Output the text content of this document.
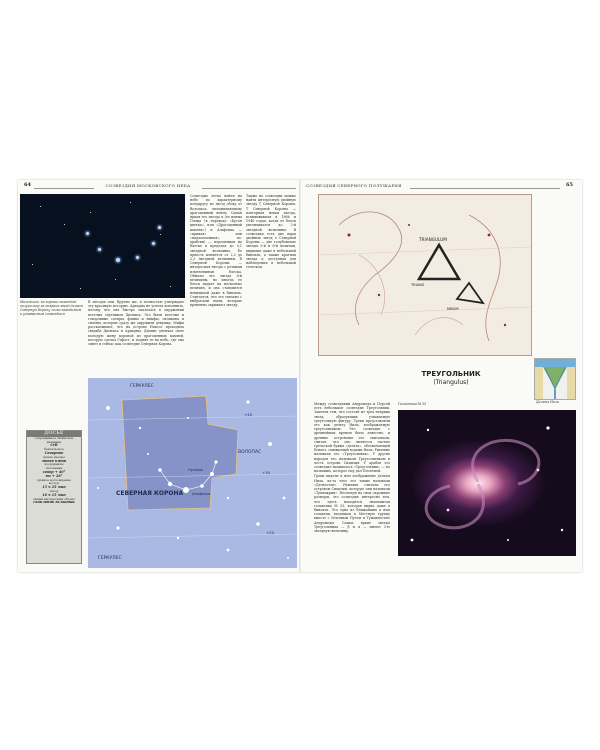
64	СОЗВЕЗДИЯ МОСКОВСКОГО НЕБА
Маленькое, но хорошо заметное полукольцо из неярких звезд делает Северную Корону легко находимым и узнаваемым созвездием

Созвездие легко найти на небе по характерному полукругу из звезд сбоку от Волопаса, напоминающему драгоценный венец. Самая яркая его звезда α (ее имена Гемма (в переводе «Бутон цветка», или «Драгоценный камень») и Альфекка — «кривая» или «надломленная», по-арабски) — переменная на блеске в пределах до 0,1 звездной величины. Ее яркость меняется от 2,2 до 2,3 звездной величины. R Северной Короны — интересная звезда с резкими изменениями блеска. Обычно это звезда 6-й величины, но иногда ее блеск падает на несколько величин, и она становится невидимой даже в бинокль. Считается, что это связано с выбросами пыли, которые временно скрывают звезду.

Также на созвездии можно найти интересную двойную звезду ζ Северной Короны. Т Северной Короны — повторная новая звезда, вспыхивавшая в 1866 и 1946 годах, когда ее блеск увеличивался до 2-й звездной величины. В созвездии есть две пары двойных звезд ν Северной Короны — две голубоватые звезды 5-й и 6-й величин, видимые даже в небольшой бинокль, а также кратная звезда σ, доступная для наблюдения в небольшой телескоп.

В звездах они. Вручно же, я полностью утверждаю эту красивую историю. Ариадна не успела вспомнить, потому что она быстро оказалась в окружении веселых спутников Диониса. Это были веселые и говорливые сатиры, фавны и нимфы, сильваны и силены, которые сразу же окружили девушку. Мифы рассказывают, что на острове Наксос проходила свадьба Диониса и Ариадны. Дионис увенчал свою молодую жену короной из драгоценных камней, которую сделал Гефест, и поднял ее на небо, где она сияет и сейчас как созвездие Северная Корона.

ГЕРКУЛЕС
ВОЛОПАС
СЕВЕРНАЯ КОРОНА
Нусакан
Альфекка
ГЕРКУЛЕС
+40
+30
+20
ДОСЬЕ
сокращенное латинское название
CrB
бенгальское
Северное
яркие звезды
менее пяти
координаты
склонение
север + 40°
юг + 26°
прямое восхождение
восход
15 ч 25 мин
заход
16 ч 15 мин
самый интересный объект
скопление галактик
СОЗВЕЗДИЯ СЕВЕРНОГО ПОЛУШАРИЯ	65
TRIANGULUM
MINOR
TRIANG
ТРЕУГОЛЬНИК
(Triangulus)
Дельта Нила

Между созвездиями Андромеда и Персей есть небольшое созвездие Треугольник. Заметен тем, что состоит из трех неярких звезд, образующих узнаваемую треугольную фигуру. Греки представляли его как дельту Нила, изображаемую треугольником. Это созвездие с древнейших времен было известно, и древние астрономы его описывали, считая, что оно является частью греческой буквы «дельта», обозначающей Египет, омываемый водами Нила. Римляне называли его «Треугольник». У других народов его называли Треугольником в честь острова Сицилия. У арабов это созвездие называлось «Треугольник» — по названию, которое ему дал Птолемей.

Греки видели в нем изображение дельты Нила, из-за чего его также называли «Дельтотон». Римляне считали его островом Сицилия, которую они называли «Тринакрия». Несмотря на свои скромные размеры, это созвездие интересно тем, что здесь находится знаменитая галактика M 33, которая видна даже в бинокль. Это одна из ближайших к нам галактик, входящая в Местную группу вместе с Млечным Путем и Туманностью Андромеды. Самые яркие звезды Треугольника — β и α — имеют 3-ю звездную величину.

Галактика M 33
